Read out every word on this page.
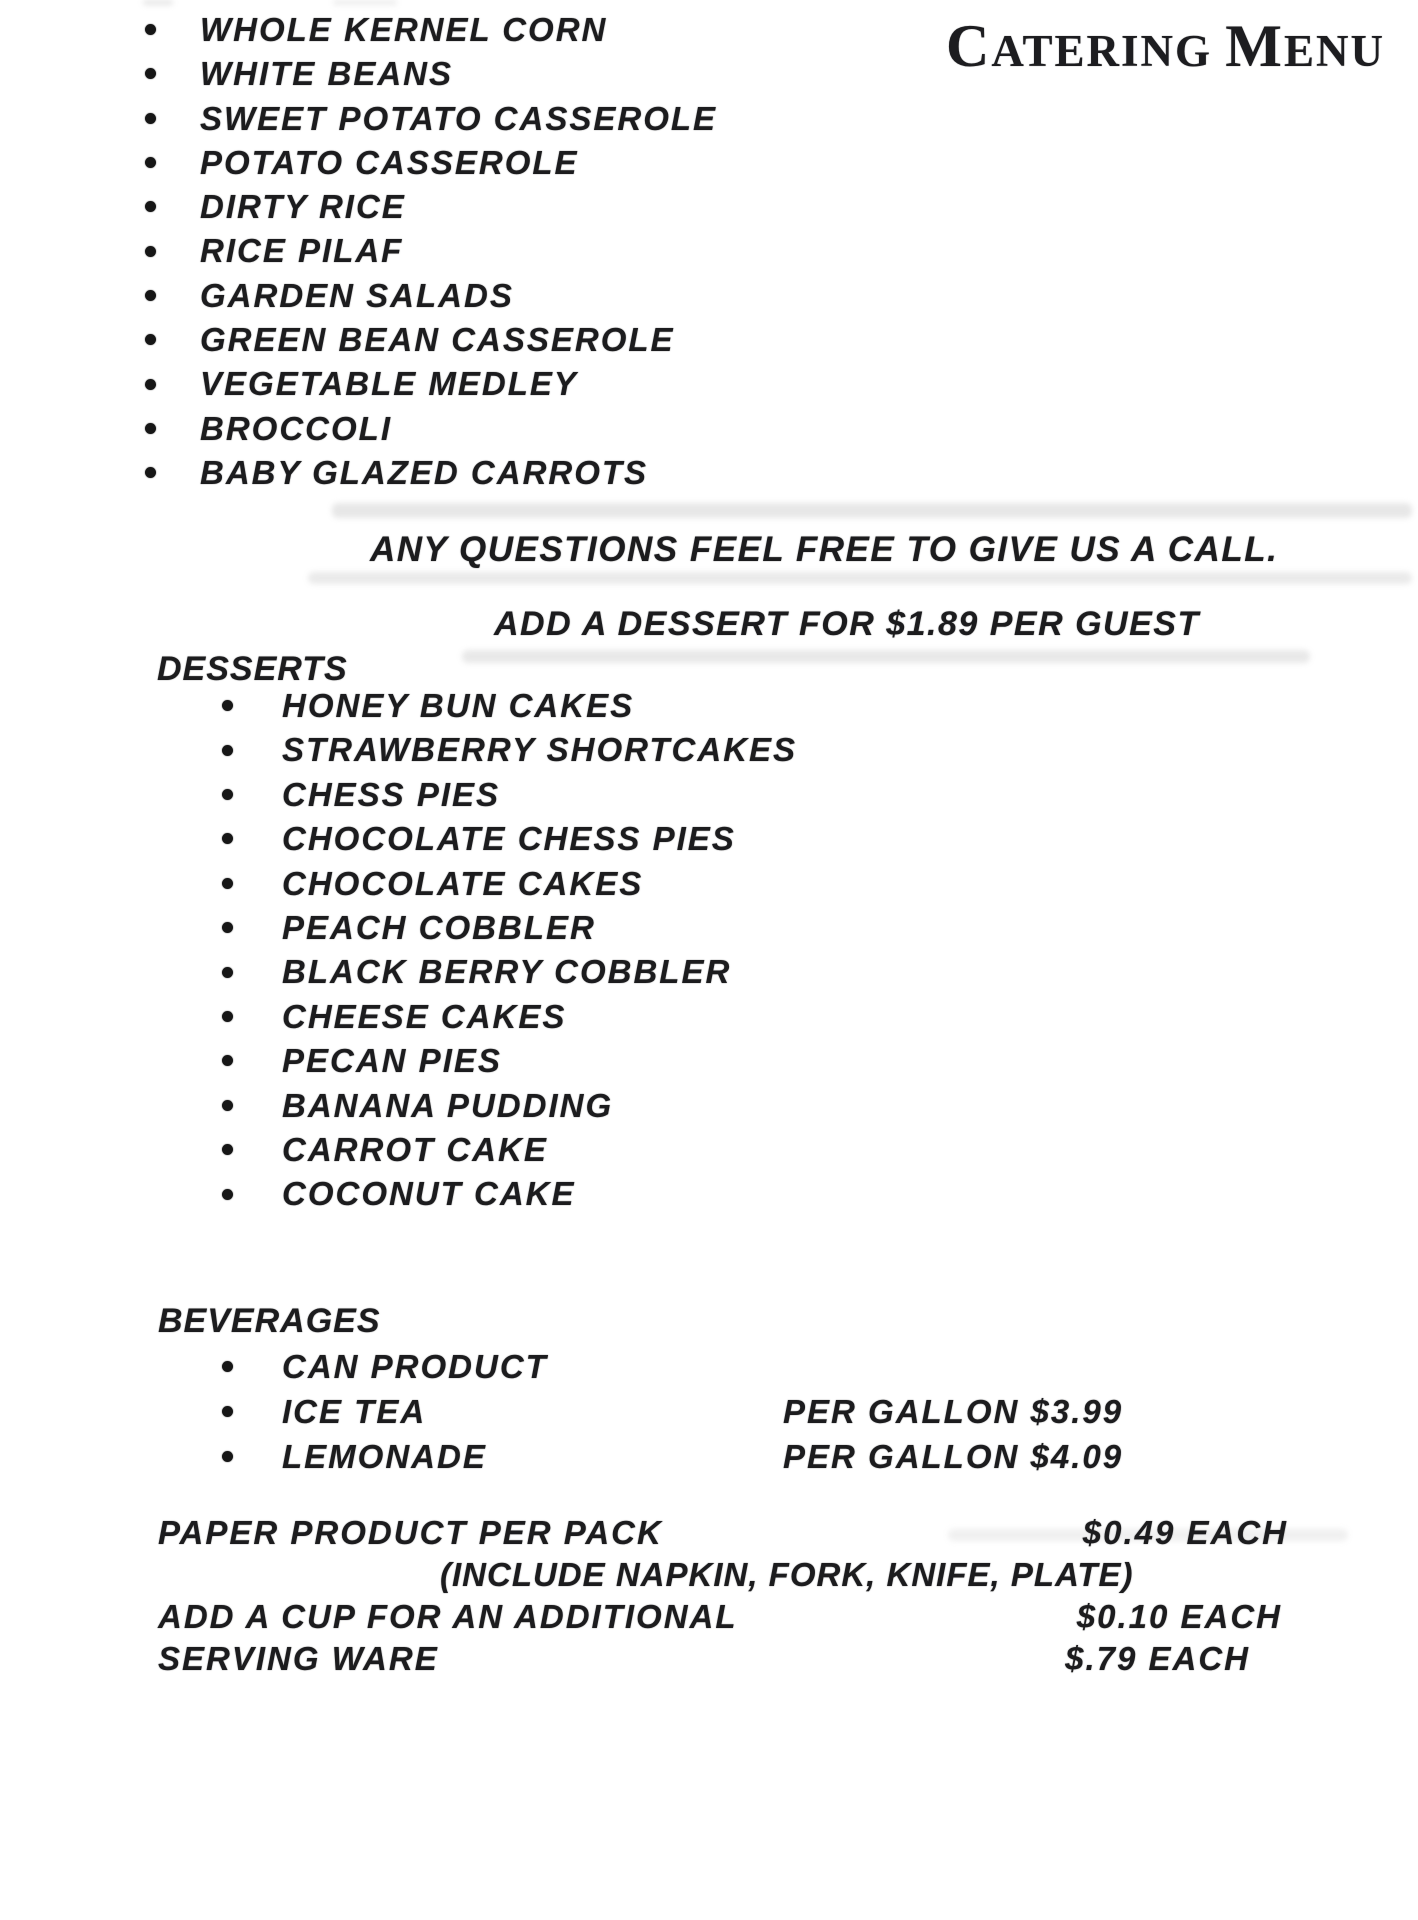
CATERING MENU
WHOLE KERNEL CORN
WHITE BEANS
SWEET POTATO CASSEROLE
POTATO CASSEROLE
DIRTY RICE
RICE PILAF
GARDEN SALADS
GREEN BEAN CASSEROLE
VEGETABLE MEDLEY
BROCCOLI
BABY GLAZED CARROTS
ANY QUESTIONS FEEL FREE TO GIVE US A CALL.
ADD A DESSERT FOR $1.89 PER GUEST
DESSERTS
HONEY BUN CAKES
STRAWBERRY SHORTCAKES
CHESS PIES
CHOCOLATE CHESS PIES
CHOCOLATE CAKES
PEACH COBBLER
BLACK BERRY COBBLER
CHEESE CAKES
PECAN PIES
BANANA PUDDING
CARROT CAKE
COCONUT CAKE
BEVERAGES
CAN PRODUCT
ICE TEA	PER GALLON $3.99
LEMONADE	PER GALLON $4.09
PAPER PRODUCT PER PACK	$0.49 EACH
(INCLUDE NAPKIN, FORK, KNIFE, PLATE)
ADD A CUP FOR AN ADDITIONAL	$0.10 EACH
SERVING WARE	$.79 EACH
